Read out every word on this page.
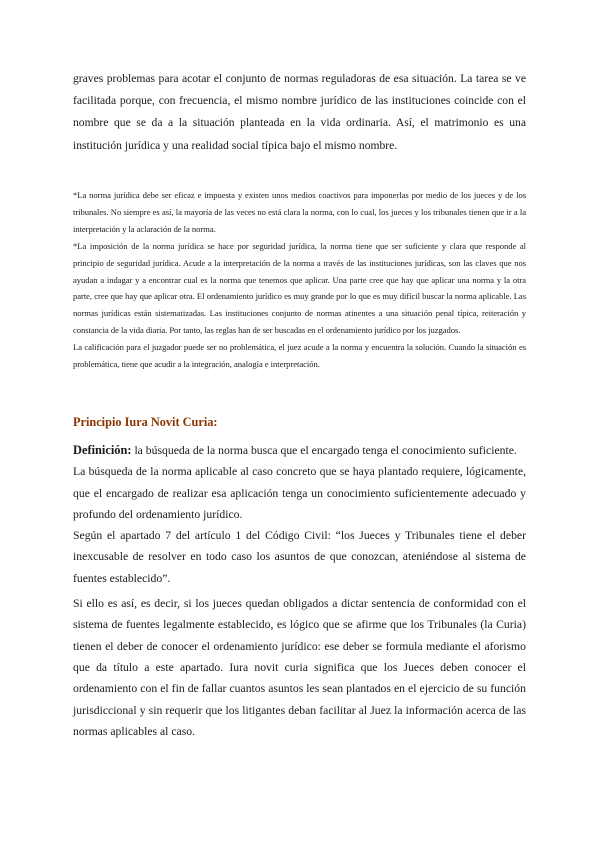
graves problemas para acotar el conjunto de normas reguladoras de esa situación. La tarea se ve facilitada porque, con frecuencia, el mismo nombre jurídico de las instituciones coincide con el nombre que se da a la situación planteada en la vida ordinaria. Así, el matrimonio es una institución jurídica y una realidad social típica bajo el mismo nombre.

*La norma jurídica debe ser eficaz e impuesta y existen unos medios coactivos para imponerlas por medio de los jueces y de los tribunales. No siempre es así, la mayoría de las veces no está clara la norma, con lo cual, los jueces y los tribunales tienen que ir a la interpretación y la aclaración de la norma.

*La imposición de la norma jurídica se hace por seguridad jurídica, la norma tiene que ser suficiente y clara que responde al principio de seguridad jurídica. Acude a la interpretación de la norma a través de las instituciones jurídicas, son las claves que nos ayudan a indagar y a encontrar cual es la norma que tenemos que aplicar. Una parte cree que hay que aplicar una norma y la otra parte, cree que hay que aplicar otra. El ordenamiento jurídico es muy grande por lo que es muy difícil buscar la norma aplicable. Las normas jurídicas están sistematizadas. Las instituciones conjunto de normas atinentes a una situación penal típica, reiteración y constancia de la vida diaria. Por tanto, las reglas han de ser buscadas en el ordenamiento jurídico por los juzgados.

La calificación para el juzgador puede ser no problemática, el juez acude a la norma y encuentra la solución. Cuando la situación es problemática, tiene que acudir a la integración, analogía e interpretación.

Principio Iura Novit Curia:

Definición: la búsqueda de la norma busca que el encargado tenga el conocimiento suficiente.

La búsqueda de la norma aplicable al caso concreto que se haya plantado requiere, lógicamente, que el encargado de realizar esa aplicación tenga un conocimiento suficientemente adecuado y profundo del ordenamiento jurídico.

Según el apartado 7 del artículo 1 del Código Civil: “los Jueces y Tribunales tiene el deber inexcusable de resolver en todo caso los asuntos de que conozcan, ateniéndose al sistema de fuentes establecido”.

Si ello es así, es decir, si los jueces quedan obligados a dictar sentencia de conformidad con el sistema de fuentes legalmente establecido, es lógico que se afirme que los Tribunales (la Curia) tienen el deber de conocer el ordenamiento jurídico: ese deber se formula mediante el aforismo que da título a este apartado. Iura novit curia significa que los Jueces deben conocer el ordenamiento con el fin de fallar cuantos asuntos les sean plantados en el ejercicio de su función jurisdiccional y sin requerir que los litigantes deban facilitar al Juez la información acerca de las normas aplicables al caso.
